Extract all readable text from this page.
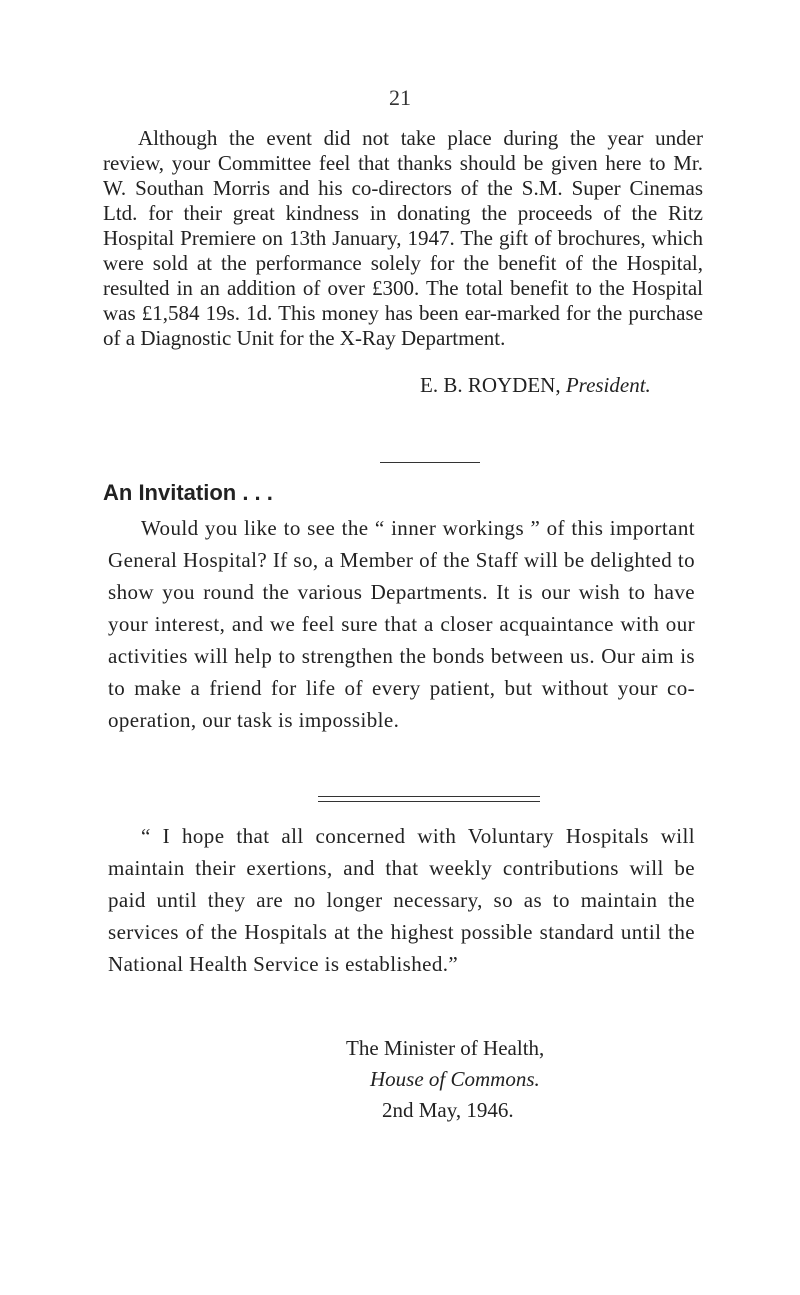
21

Although the event did not take place during the year under review, your Committee feel that thanks should be given here to Mr. W. Southan Morris and his co-directors of the S.M. Super Cinemas Ltd. for their great kindness in donating the proceeds of the Ritz Hospital Premiere on 13th January, 1947. The gift of brochures, which were sold at the performance solely for the benefit of the Hospital, resulted in an addition of over £300. The total benefit to the Hospital was £1,584 19s. 1d. This money has been ear-marked for the purchase of a Diagnostic Unit for the X-Ray Department.

E. B. ROYDEN, President.

An Invitation . . .

Would you like to see the “ inner workings ” of this important General Hospital? If so, a Member of the Staff will be delighted to show you round the various Departments. It is our wish to have your interest, and we feel sure that a closer acquaintance with our activities will help to strengthen the bonds between us. Our aim is to make a friend for life of every patient, but without your co-operation, our task is impossible.

“ I hope that all concerned with Voluntary Hospitals will maintain their exertions, and that weekly contributions will be paid until they are no longer necessary, so as to maintain the services of the Hospitals at the highest possible standard until the National Health Service is established.”

The Minister of Health,
House of Commons.
2nd May, 1946.
